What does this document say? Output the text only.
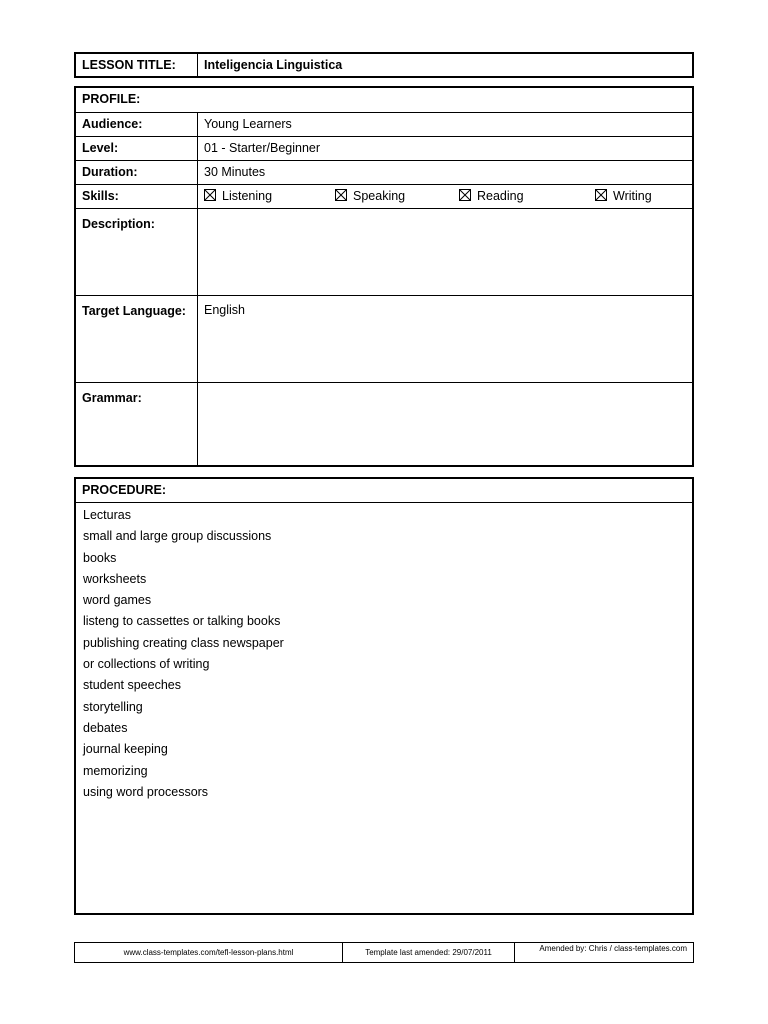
LESSON TITLE:	Inteligencia Linguistica
PROFILE:
Audience:	Young Learners
Level:	01 - Starter/Beginner
Duration:	30 Minutes
Skills:	Listening	Speaking	Reading	Writing
Description:
Target Language:	English
Grammar:
PROCEDURE:
Lecturas
small and large group discussions
books
worksheets
word games
listeng to cassettes or talking books
publishing creating class newspaper
or collections of writing
student speeches
storytelling
debates
journal keeping
memorizing
using word processors
www.class-templates.com/tefl-lesson-plans.html	Template last amended: 29/07/2011	Amended by: Chris / class-templates.com
